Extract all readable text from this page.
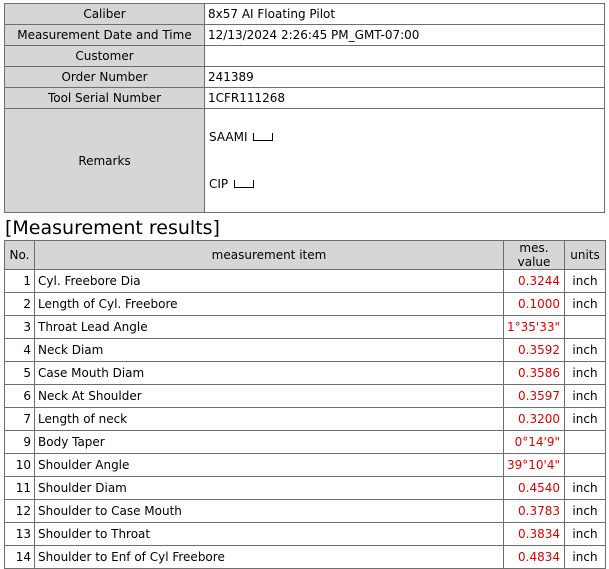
Caliber	8x57 AI Floating Pilot
Measurement Date and Time	12/13/2024 2:26:45 PM_GMT-07:00
Customer	
Order Number	241389
Tool Serial Number	1CFR111268
Remarks	SAAMI
CIP
[Measurement results]
No.	measurement item	mes. value	units
1	Cyl. Freebore Dia	0.3244	inch
2	Length of Cyl. Freebore	0.1000	inch
3	Throat Lead Angle	1°35'33"	
4	Neck Diam	0.3592	inch
5	Case Mouth Diam	0.3586	inch
6	Neck At Shoulder	0.3597	inch
7	Length of neck	0.3200	inch
9	Body Taper	0°14'9"	
10	Shoulder Angle	39°10'4"	
11	Shoulder Diam	0.4540	inch
12	Shoulder to Case Mouth	0.3783	inch
13	Shoulder to Throat	0.3834	inch
14	Shoulder to Enf of Cyl Freebore	0.4834	inch
